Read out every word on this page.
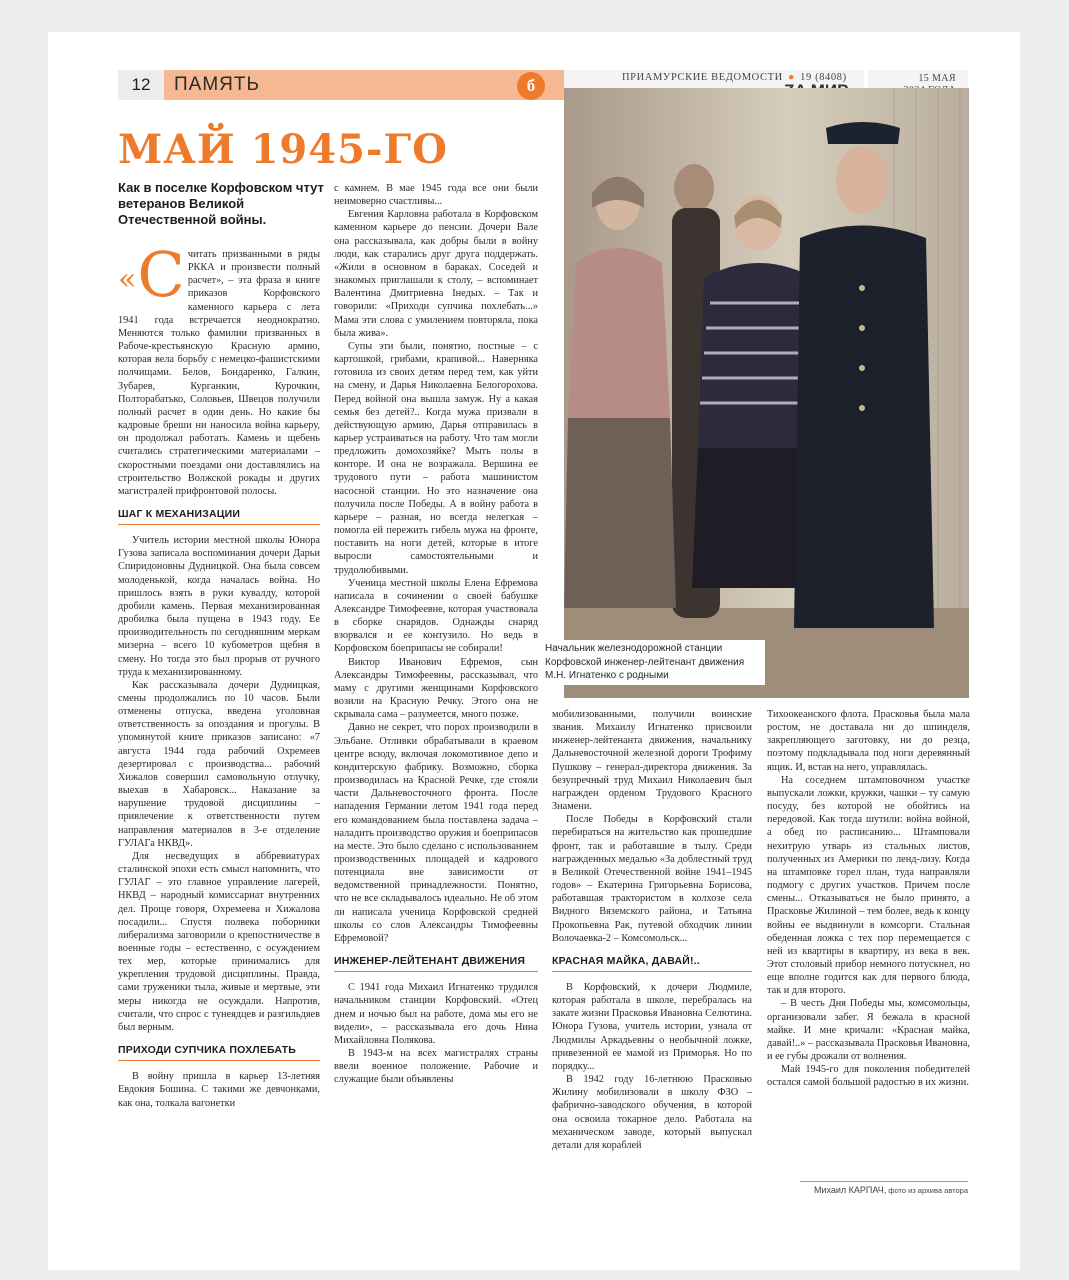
12	ПАМЯТЬ	б	ПРИАМУРСКИЕ ВЕДОМОСТИ ● 19 (8408)	15 МАЯ
МАЙ 1945-ГО
Как в поселке Корфовском чтут ветеранов Великой Отечественной войны.
« С читать призванными в ряды РККА и произвести полный расчет», – эта фраза в книге приказов Корфовского каменного карьера с лета 1941 года встречается неоднократно. Меняются только фамилии призванных в Рабоче-крестьянскую Красную армию, которая вела борьбу с немецко-фашистскими полчищами. Белов, Бондаренко, Галкин, Зубарев, Курганкин, Курочкин, Полторабатько, Соловьев, Швецов получили полный расчет в один день. Но какие бы кадровые бреши ни наносила война карьеру, он продолжал работать. Камень и щебень считались стратегическими материалами – скоростными поездами они доставлялись на строительство Волжской рокады и других магистралей прифронтовой полосы.

ШАГ К МЕХАНИЗАЦИИ

Учитель истории местной школы Юнора Гузова записала воспоминания дочери Дарьи Спиридоновны Дудницкой. Она была совсем молоденькой, когда началась война. Но пришлось взять в руки кувалду, которой дробили камень. Первая механизированная дробилка была пущена в 1943 году. Ее производительность по сегодняшним меркам мизерна – всего 10 кубометров щебня в смену. Но тогда это был прорыв от ручного труда к механизированному.

Как рассказывала дочери Дудницкая, смены продолжались по 10 часов. Были отменены отпуска, введена уголовная ответственность за опоздания и прогулы. В упомянутой книге приказов записано: «7 августа 1944 года рабочий Охремеев дезертировал с производства... рабочий Хижалов совершил самовольную отлучку, выехав в Хабаровск... Наказание за нарушение трудовой дисциплины – привлечение к ответственности путем направления материалов в 3-е отделение ГУЛАГа НКВД».

Для несведущих в аббревиатурах сталинской эпохи есть смысл напомнить, что ГУЛАГ – это главное управление лагерей, НКВД – народный комиссариат внутренних дел. Проще говоря, Охремеева и Хижалова посадили... Спустя полвека поборники либерализма заговорили о крепостничестве в военные годы – естественно, с осуждением тех мер, которые принимались для укрепления трудовой дисциплины. Правда, сами труженики тыла, живые и мертвые, эти меры никогда не осуждали. Напротив, считали, что спрос с тунеядцев и разгильдяев был верным.

ПРИХОДИ СУПЧИКА ПОХЛЕБАТЬ

В войну пришла в карьер 13-летняя Евдокия Бошина. С такими же девчонками, как она, толкала вагонетки

с камнем. В мае 1945 года все они были неимоверно счастливы...

Евгения Карловна работала в Корфовском каменном карьере до пенсии. Дочери Вале она рассказывала, как добры были в войну люди, как старались друг друга поддержать. «Жили в основном в бараках. Соседей и знакомых приглашали к столу, – вспоминает Валентина Дмитриевна Інедых. – Так и говорили: «Приходи супчика похлебать...» Мама эти слова с умилением повторяла, пока была жива».

Супы эти были, понятно, постные – с картошкой, грибами, крапивой... Наверняка готовила из своих детям перед тем, как уйти на смену, и Дарья Николаевна Белогорохова. Перед войной она вышла замуж. Ну а какая семья без детей?.. Когда мужа призвали в действующую армию, Дарья отправилась в карьер устраиваться на работу. Что там могли предложить домохозяйке? Мыть полы в конторе. И она не возражала. Вершина ее трудового пути – работа машинистом насосной станции. Но это назначение она получила после Победы. А в войну работа в карьере – разная, но всегда нелегкая – помогла ей пережить гибель мужа на фронте, поставить на ноги детей, которые в итоге выросли самостоятельными и трудолюбивыми.

Ученица местной школы Елена Ефремова написала в сочинении о своей бабушке Александре Тимофеевне, которая участвовала в сборке снарядов. Однажды снаряд взорвался и ее контузило. Но ведь в Корфовском боеприпасы не собирали!

Виктор Иванович Ефремов, сын Александры Тимофеевны, рассказывал, что маму с другими женщинами Корфовского возили на Красную Речку. Этого она не скрывала сама – разумеется, много позже.

Давно не секрет, что порох производили в Эльбане. Отливки обрабатывали в краевом центре всюду, включая локомотивное депо и кондитерскую фабрику. Возможно, сборка производилась на Красной Речке, где стояли части Дальневосточного фронта. После нападения Германии летом 1941 года перед его командованием была поставлена задача – наладить производство оружия и боеприпасов на месте. Это было сделано с использованием производственных площадей и кадрового потенциала вне зависимости от ведомственной принадлежности. Понятно, что не все складывалось идеально. Не об этом ли написала ученица Корфовской средней школы со слов Александры Тимофеевны Ефремовой?

ИНЖЕНЕР-ЛЕЙТЕНАНТ ДВИЖЕНИЯ

С 1941 года Михаил Игнатенко трудился начальником станции Корфовский. «Отец днем и ночью был на работе, дома мы его не видели», – рассказывала его дочь Нина Михайловна Полякова.

В 1943-м на всех магистралях страны ввели военное положение. Рабочие и служащие были объявлены

Начальник железнодорожной станции Корфовской инженер-лейтенант движения М.Н. Игнатенко с родными

мобилизованными, получили воинские звания. Михаилу Игнатенко присвоили инженер-лейтенанта движения, начальнику Дальневосточной железной дороги Трофиму Пушкову – генерал-директора движения. За безупречный труд Михаил Николаевич был награжден орденом Трудового Красного Знамени.

После Победы в Корфовский стали перебираться на жительство как прошедшие фронт, так и работавшие в тылу. Среди награжденных медалью «За доблестный труд в Великой Отечественной войне 1941–1945 годов» – Екатерина Григорьевна Борисова, работавшая трактористом в колхозе села Видного Вяземского района, и Татьяна Прокопьевна Рак, путевой обходчик линии Волочаевка-2 – Комсомольск...

КРАСНАЯ МАЙКА, ДАВАЙ!..

В Корфовский, к дочери Людмиле, которая работала в школе, перебралась на закате жизни Прасковья Ивановна Селютина. Юнора Гузова, учитель истории, узнала от Людмилы Аркадьевны о необычной ложке, привезенной ее мамой из Приморья. Но по порядку...

В 1942 году 16-летнюю Прасковью Жилину мобилизовали в школу ФЗО – фабрично-заводского обучения, в которой она освоила токарное дело. Работала на механическом заводе, который выпускал детали для кораблей

Тихоокеанского флота. Прасковья была мала ростом, не доставала ни до шпинделя, закрепляющего заготовку, ни до резца, поэтому подкладывала под ноги деревянный ящик. И, встав на него, управлялась.

На соседнем штамповочном участке выпускали ложки, кружки, чашки – ту самую посуду, без которой не обойтись на передовой. Как тогда шутили: война войной, а обед по расписанию... Штамповали нехитрую утварь из стальных листов, полученных из Америки по ленд-лизу. Когда на штамповке горел план, туда направляли подмогу с других участков. Причем после смены... Отказываться не было принято, а Прасковье Жилиной – тем более, ведь к концу войны ее выдвинули в комсорги. Стальная обеденная ложка с тех пор перемещается с ней из квартиры в квартиру, из века в век. Этот столовый прибор немного потускнел, но еще вполне годится как для первого блюда, так и для второго.

– В честь Дня Победы мы, комсомольцы, организовали забег. Я бежала в красной майке. И мне кричали: «Красная майка, давай!..» – рассказывала Прасковья Ивановна, и ее губы дрожали от волнения.

Май 1945-го для поколения победителей остался самой большой радостью в их жизни.

Михаил КАРПАЧ, фото из архива автора
